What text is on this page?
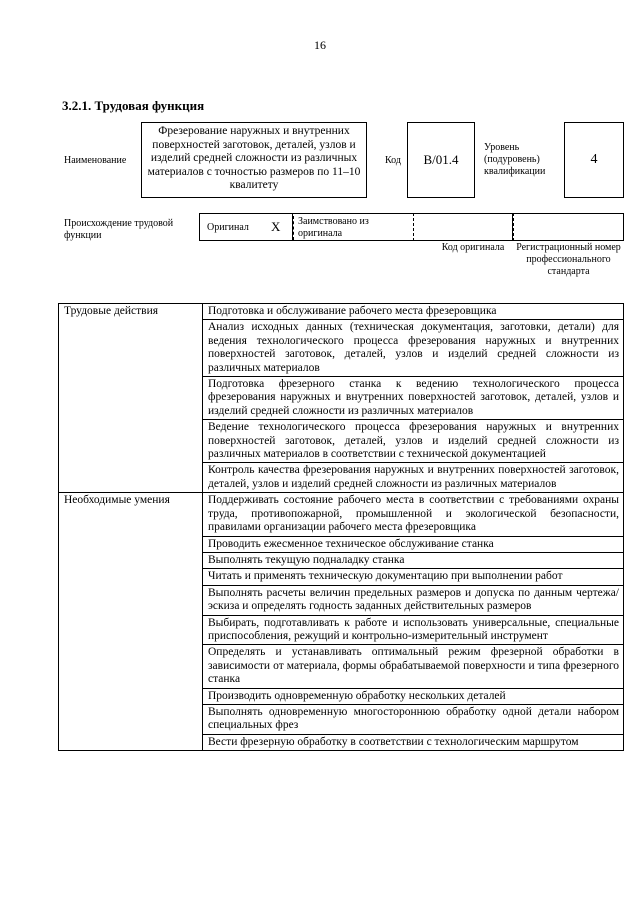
16
3.2.1. Трудовая функция
Наименование
Фрезерование наружных и внутренних поверхностей заготовок, деталей, узлов и изделий средней сложности из различных материалов с точностью размеров по 11–10 квалитету
Код B/01.4
Уровень (подуровень) квалификации
4
Происхождение трудовой функции
Оригинал X	Заимствовано из оригинала
Код оригинала	Регистрационный номер профессионального стандарта
Трудовые действия	Подготовка и обслуживание рабочего места фрезеровщика
	Анализ исходных данных (техническая документация, заготовки, детали) для ведения технологического процесса фрезерования наружных и внутренних поверхностей заготовок, деталей, узлов и изделий средней сложности из различных материалов
	Подготовка фрезерного станка к ведению технологического процесса фрезерования наружных и внутренних поверхностей заготовок, деталей, узлов и изделий средней сложности из различных материалов
	Ведение технологического процесса фрезерования наружных и внутренних поверхностей заготовок, деталей, узлов и изделий средней сложности из различных материалов в соответствии с технической документацией
	Контроль качества фрезерования наружных и внутренних поверхностей заготовок, деталей, узлов и изделий средней сложности из различных материалов
Необходимые умения	Поддерживать состояние рабочего места в соответствии с требованиями охраны труда, противопожарной, промышленной и экологической безопасности, правилами организации рабочего места фрезеровщика
	Проводить ежесменное техническое обслуживание станка
	Выполнять текущую подналадку станка
	Читать и применять техническую документацию при выполнении работ
	Выполнять расчеты величин предельных размеров и допуска по данным чертежа/эскиза и определять годность заданных действительных размеров
	Выбирать, подготавливать к работе и использовать универсальные, специальные приспособления, режущий и контрольно-измерительный инструмент
	Определять и устанавливать оптимальный режим фрезерной обработки в зависимости от материала, формы обрабатываемой поверхности и типа фрезерного станка
	Производить одновременную обработку нескольких деталей
	Выполнять одновременную многостороннюю обработку одной детали набором специальных фрез
	Вести фрезерную обработку в соответствии с технологическим маршрутом
